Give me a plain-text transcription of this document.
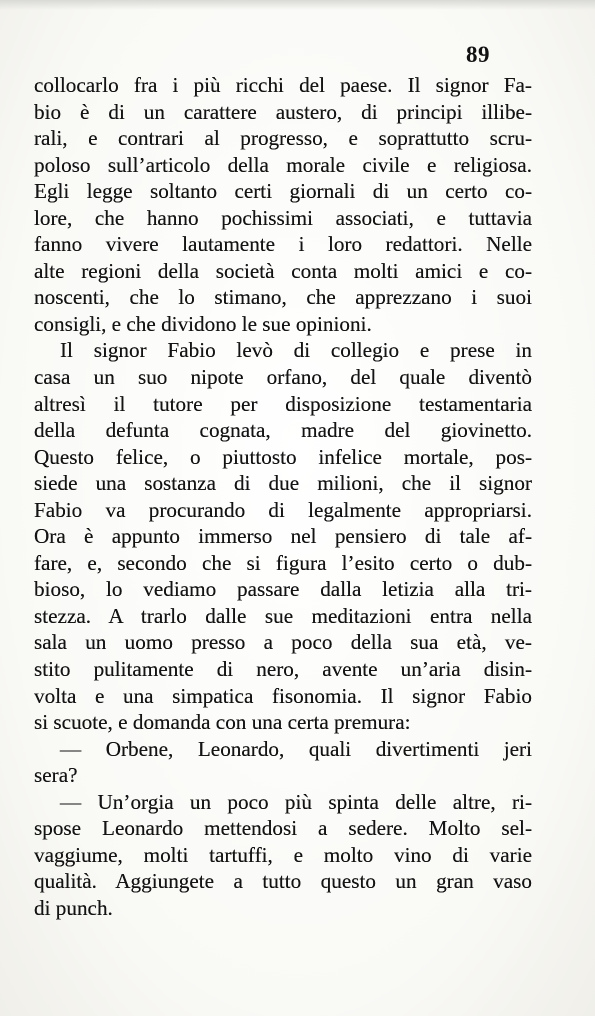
89
collocarlo fra i più ricchi del paese. Il signor Fa-
bio è di un carattere austero, di principi illibe-
rali, e contrari al progresso, e soprattutto scru-
poloso sull’articolo della morale civile e religiosa.
Egli legge soltanto certi giornali di un certo co-
lore, che hanno pochissimi associati, e tuttavia
fanno vivere lautamente i loro redattori. Nelle
alte regioni della società conta molti amici e co-
noscenti, che lo stimano, che apprezzano i suoi
consigli, e che dividono le sue opinioni.
Il signor Fabio levò di collegio e prese in
casa un suo nipote orfano, del quale diventò
altresì il tutore per disposizione testamentaria
della defunta cognata, madre del giovinetto.
Questo felice, o piuttosto infelice mortale, pos-
siede una sostanza di due milioni, che il signor
Fabio va procurando di legalmente appropriarsi.
Ora è appunto immerso nel pensiero di tale af-
fare, e, secondo che si figura l’esito certo o dub-
bioso, lo vediamo passare dalla letizia alla tri-
stezza. A trarlo dalle sue meditazioni entra nella
sala un uomo presso a poco della sua età, ve-
stito pulitamente di nero, avente un’aria disin-
volta e una simpatica fisonomia. Il signor Fabio
si scuote, e domanda con una certa premura:
— Orbene, Leonardo, quali divertimenti jeri
sera?
— Un’orgia un poco più spinta delle altre, ri-
spose Leonardo mettendosi a sedere. Molto sel-
vaggiume, molti tartuffi, e molto vino di varie
qualità. Aggiungete a tutto questo un gran vaso
di punch.
